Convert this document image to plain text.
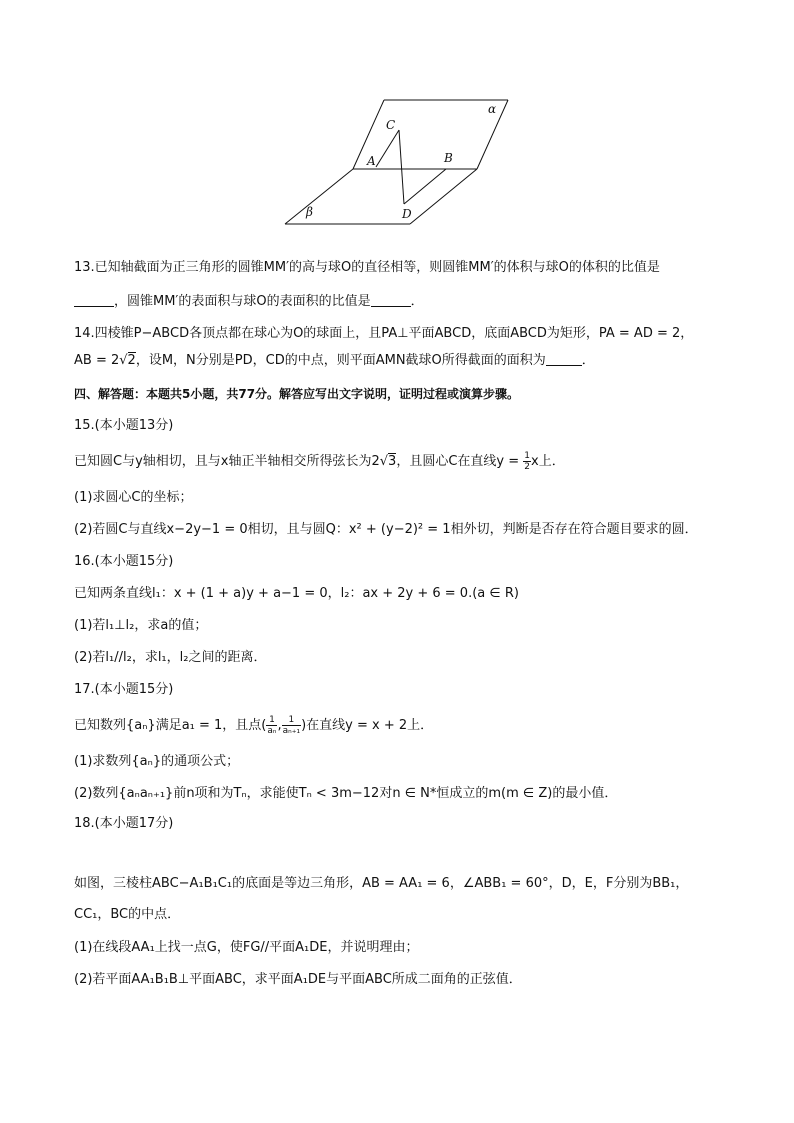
α
β
A	B
C
D
13.已知轴截面为正三角形的圆锥MM′的高与球O的直径相等，则圆锥MM′的体积与球O的体积的比值是
，圆锥MM′的表面积与球O的表面积的比值是	．
14.四棱锥P−ABCD各顶点都在球心为O的球面上，且PA⊥平面ABCD，底面ABCD为矩形，PA = AD = 2，
AB = 2√2，设M，N分别是PD，CD的中点，则平面AMN截球O所得截面的面积为	．
四、解答题：本题共5小题，共77分。解答应写出文字说明，证明过程或演算步骤。
15.(本小题13分)
已知圆C与y轴相切，且与x轴正半轴相交所得弦长为2√3，且圆心C在直线$y = \frac{1}{2}$ x上．
(1)求圆心C的坐标；
(2)若圆C与直线x−2y−1 = 0相切，且与圆Q：x² + (y−2)² = 1相外切，判断是否存在符合题目要求的圆．
16.(本小题15分)
已知两条直线l₁：x + (1 + a)y + a−1 = 0，l₂：ax + 2y + 6 = 0.(a ∈ R)
(1)若l₁⊥l₂，求a的值；
(2)若l₁//l₂，求l₁，l₂之间的距离．
17.(本小题15分)
已知数列{aₙ}满足a₁ = 1，且点( $\frac{1}{\text{aₙ}}$ , $\frac{1}{\text{aₙ₊₁}}$ )在直线y = x + 2上．
(1)求数列{aₙ}的通项公式；
(2)数列{aₙaₙ₊₁}前n项和为Tₙ，求能使Tₙ < 3m−12对n ∈ N*恒成立的m(m ∈ Z)的最小值．
18.(本小题17分)
如图，三棱柱ABC−A₁B₁C₁的底面是等边三角形，AB = AA₁ = 6，∠ABB₁ = 60°，D，E，F分别为BB₁，
CC₁，BC的中点．
(1)在线段AA₁上找一点G，使FG//平面A₁DE，并说明理由；
(2)若平面AA₁B₁B⊥平面ABC，求平面A₁DE与平面ABC所成二面角的正弦值．
